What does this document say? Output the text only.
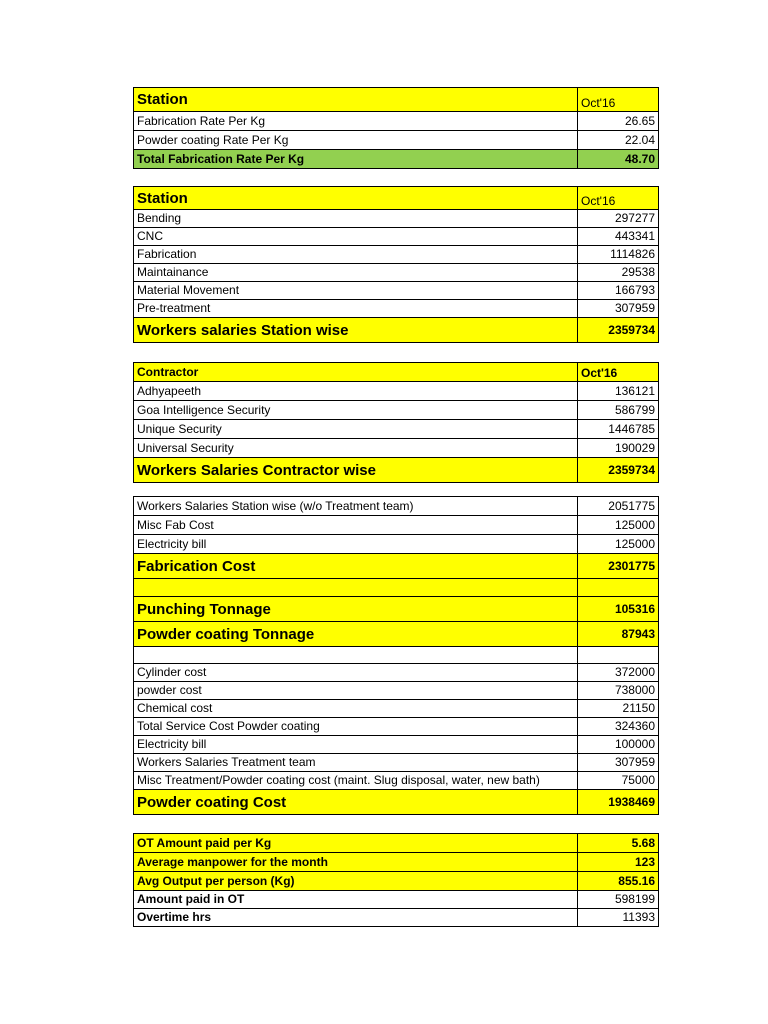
Station	Oct'16
Fabrication Rate Per Kg	26.65
Powder coating Rate Per Kg	22.04
Total Fabrication Rate Per Kg	48.70
Station	Oct'16
Bending	297277
CNC	443341
Fabrication	1114826
Maintainance	29538
Material Movement	166793
Pre-treatment	307959
Workers salaries Station wise	2359734
Contractor	Oct'16
Adhyapeeth	136121
Goa Intelligence Security	586799
Unique Security	1446785
Universal Security	190029
Workers Salaries Contractor wise	2359734
Workers Salaries Station wise (w/o Treatment team)	2051775
Misc Fab Cost	125000
Electricity bill	125000
Fabrication Cost	2301775

Punching Tonnage	105316
Powder coating Tonnage	87943

Cylinder cost	372000
powder cost	738000
Chemical cost	21150
Total Service Cost Powder coating	324360
Electricity bill	100000
Workers Salaries Treatment team	307959
Misc Treatment/Powder coating cost (maint. Slug disposal, water, new bath)	75000
Powder coating Cost	1938469
OT Amount paid per Kg	5.68
Average manpower for the month	123
Avg Output per person (Kg)	855.16
Amount paid in OT	598199
Overtime hrs	11393
